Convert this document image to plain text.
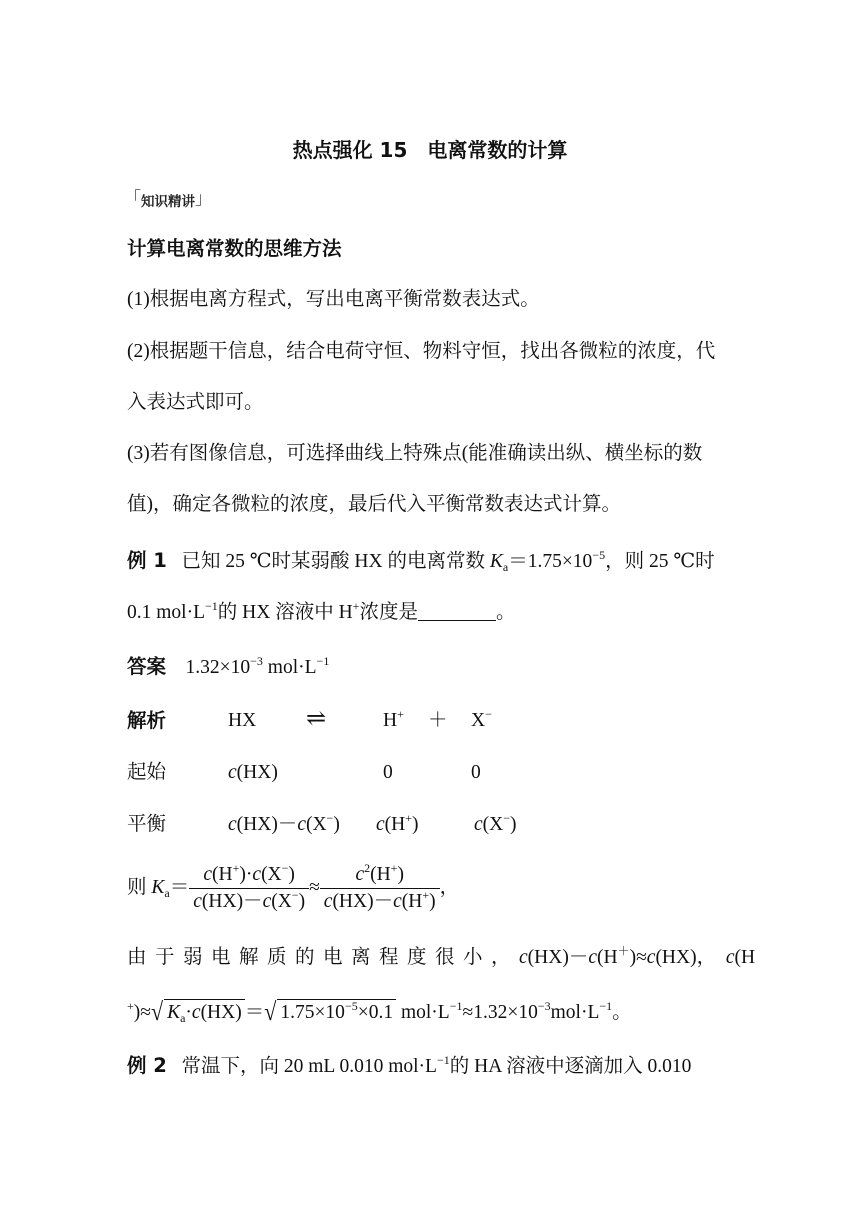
热点强化 15　电离常数的计算
「知识精讲」
计算电离常数的思维方法
(1)根据电离方程式，写出电离平衡常数表达式。
(2)根据题干信息，结合电荷守恒、物料守恒，找出各微粒的浓度，代
入表达式即可。
(3)若有图像信息，可选择曲线上特殊点(能准确读出纵、横坐标的数
值)，确定各微粒的浓度，最后代入平衡常数表达式计算。
例 1 已知 25 ℃时某弱酸 HX 的电离常数 $K_a=1.75\times 10^{-5}$，则 25 ℃时
0.1 $mol\cdot L^{-1}$的 HX 溶液中 H+浓度是	。
答案 $1.32\times 10^{-3}$ $mol\cdot L^{-1}$
解析	HX ⇌	H+ ＋ X−
起始	c(HX)	0	0
平衡	c(HX)－c(X−) c(H+)	c(X−)
则 $K_a= \frac{c(H^+)\cdot c(X^-)}{c(HX)-c(X^-)} \approx \frac{c^2(H^+)}{c(HX)-c(H^+)}$ ，
由于弱电解质的电离程度很小，c(HX)－c(H＋)≈c(HX)， c(H
+)≈√ $K_a\cdot c(HX)$ ＝√ $1.75\times 10^{-5}\times 0.1$ $mol\cdot L^{-1}\approx 1.32\times 10^{-3}mol\cdot L^{-1}$。
例 2 常温下，向 20 mL 0.010 $mol\cdot L^{-1}$的 HA 溶液中逐滴加入 0.010
